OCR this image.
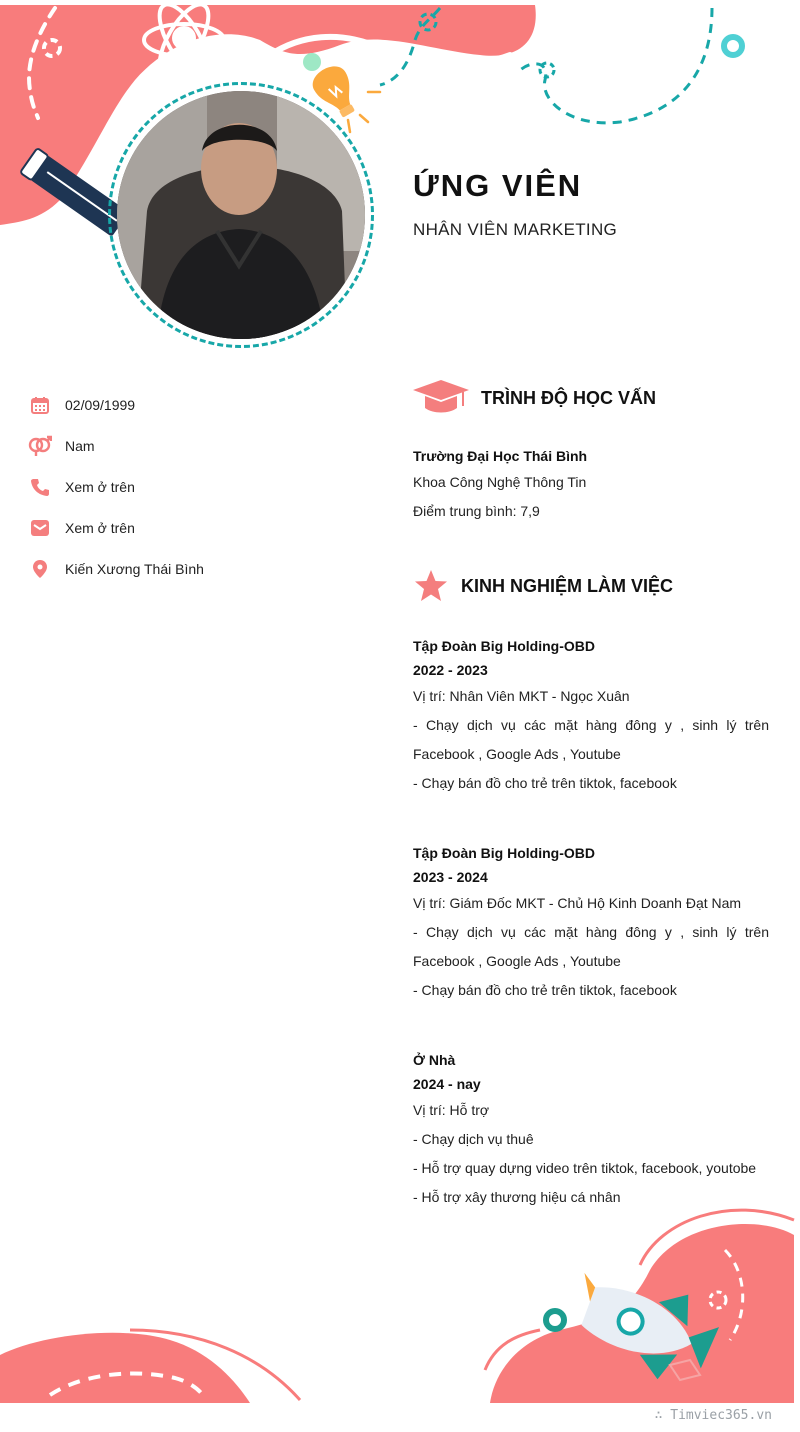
ỨNG VIÊN
NHÂN VIÊN MARKETING
02/09/1999
Nam
Xem ở trên
Xem ở trên
Kiến Xương Thái Bình
TRÌNH ĐỘ HỌC VẤN
Trường Đại Học Thái Bình
Khoa Công Nghệ Thông Tin
Điểm trung bình: 7,9
KINH NGHIỆM LÀM VIỆC
Tập Đoàn Big Holding-OBD
2022 - 2023
Vị trí: Nhân Viên MKT - Ngọc Xuân
- Chạy dịch vụ các mặt hàng đông y , sinh lý trên Facebook , Google Ads , Youtube
- Chạy bán đồ cho trẻ trên tiktok, facebook
Tập Đoàn Big Holding-OBD
2023 - 2024
Vị trí: Giám Đốc MKT - Chủ Hộ Kinh Doanh Đạt Nam
- Chạy dịch vụ các mặt hàng đông y , sinh lý trên Facebook , Google Ads , Youtube
- Chạy bán đồ cho trẻ trên tiktok, facebook
Ở Nhà
2024 - nay
Vị trí: Hỗ trợ
- Chạy dịch vụ thuê
- Hỗ trợ quay dựng video trên tiktok, facebook, youtobe
- Hỗ trợ xây thương hiệu cá nhân
∴ Timviec365.vn
